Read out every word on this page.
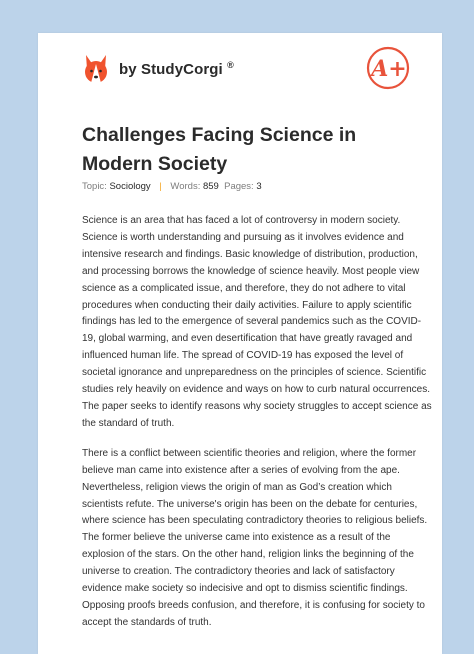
by StudyCorgi ®	A+
Challenges Facing Science in Modern Society
Topic: Sociology | Words: 859 Pages: 3

Science is an area that has faced a lot of controversy in modern society. Science is worth understanding and pursuing as it involves evidence and intensive research and findings. Basic knowledge of distribution, production, and processing borrows the knowledge of science heavily. Most people view science as a complicated issue, and therefore, they do not adhere to vital procedures when conducting their daily activities. Failure to apply scientific findings has led to the emergence of several pandemics such as the COVID-19, global warming, and even desertification that have greatly ravaged and influenced human life. The spread of COVID-19 has exposed the level of societal ignorance and unpreparedness on the principles of science. Scientific studies rely heavily on evidence and ways on how to curb natural occurrences. The paper seeks to identify reasons why society struggles to accept science as the standard of truth.

There is a conflict between scientific theories and religion, where the former believe man came into existence after a series of evolving from the ape. Nevertheless, religion views the origin of man as God’s creation which scientists refute. The universe's origin has been on the debate for centuries, where science has been speculating contradictory theories to religious beliefs. The former believe the universe came into existence as a result of the explosion of the stars. On the other hand, religion links the beginning of the universe to creation. The contradictory theories and lack of satisfactory evidence make society so indecisive and opt to dismiss scientific findings. Opposing proofs breeds confusion, and therefore, it is confusing for society to accept the standards of truth.
